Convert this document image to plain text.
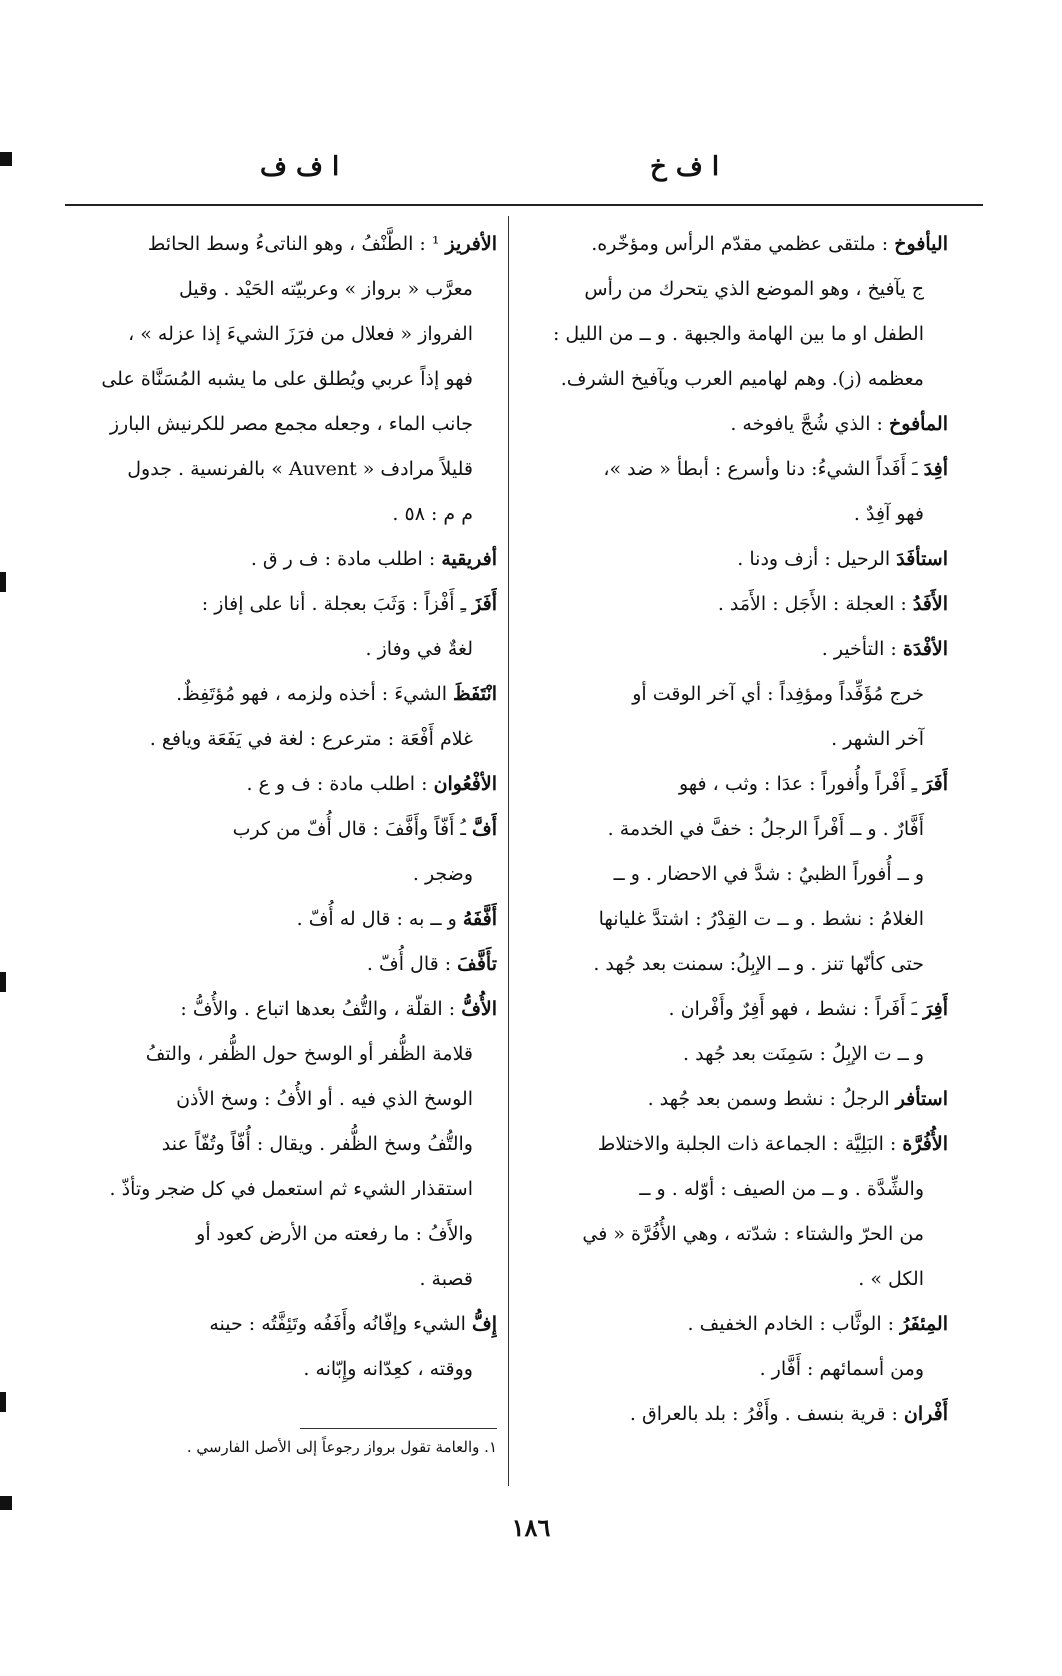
ا ف خ
ا ف ف
اليأفوخ : ملتقى عظمي مقدّم الرأس ومؤخّره.
ج يآفيخ ، وهو الموضع الذي يتحرك من رأس
الطفل او ما بين الهامة والجبهة . و ــ من الليل :
معظمه (ز). وهم لهاميم العرب ويآفيخ الشرف.
المأفوخ : الذي شُجَّ يافوخه .
أفِدَ ـَ أَفَداً الشيءُ: دنا وأسرع : أبطأ « ضد »،
فهو آفِدٌ .
استأفَدَ الرحيل : أزف ودنا .
الأَفَدُ : العجلة : الأَجَل : الأَمَد .
الأفْدَة : التأخير .
خرج مُؤَفِّداً ومؤفِداً : أي آخر الوقت أو
آخر الشهر .
أَفَرَ ـِ أَفْراً وأُفوراً : عدَا : وثب ، فهو
أَفَّارٌ . و ــ أَفْراً الرجلُ : خفَّ في الخدمة .
و ــ أُفوراً الظبيُ : شدَّ في الاحضار . و ــ
الغلامُ : نشط . و ــ ت القِدْرُ : اشتدَّ غليانها
حتى كأنّها تنز . و ــ الإبِلُ: سمنت بعد جُهد .
أَفِرَ ـَ أَفَراً : نشط ، فهو أَفِرٌ وأَفْران .
و ــ ت الإبِلُ : سَمِنَت بعد جُهد .
استأفر الرجلُ : نشط وسمن بعد جُهد .
الأُفُرَّة : البَلِيَّة : الجماعة ذات الجلبة والاختلاط
والشِّدَّة . و ــ من الصيف : أوّله . و ــ
من الحرّ والشتاء : شدّته ، وهي الأُفُرَّة « في
الكل » .
المِئفَرُ : الوثَّاب : الخادم الخفيف .
ومن أسمائهم : أَفَّار .
أَفْران : قرية بنسف . وأَفْرُ : بلد بالعراق .
الأفريز ¹ : الطَّنْفُ ، وهو الناتىءُ وسط الحائط
معرَّب « برواز » وعربيّته الحَيْد . وقيل
الفرواز « فعلال من فرَزَ الشيءَ إذا عزله » ،
فهو إذاً عربي ويُطلق على ما يشبه المُسَنَّاة على
جانب الماء ، وجعله مجمع مصر للكرنيش البارز
قليلاً مرادف « Auvent » بالفرنسية . جدول
م م : ٥٨ .
أفريقية : اطلب مادة : ف ر ق .
أَفَزَ ـِ أَفْزاً : وَثَبَ بعجلة . أنا على إفاز :
لغةٌ في وفاز .
انْتَفَظَ الشيءَ : أخذه ولزمه ، فهو مُؤتَفِظٌ.
غلام أَفْعَة : مترعرع : لغة في يَفَعَة ويافع .
الأفْعُوان : اطلب مادة : ف و ع .
أَفَّ ـُ أَفّاً وأَفَّفَ : قال أُفّ من كرب
وضجر .
أَفَّفَهُ و ــ به : قال له أُفّ .
تأَفَّفَ : قال أُفّ .
الأُفُّ : القلّة ، والتُّفُ بعدها اتباع . والأُفُّ :
قلامة الظُّفر أو الوسخ حول الظُّفر ، والتفُ
الوسخ الذي فيه . أو الأُفُ : وسخ الأذن
والتُّفُ وسخ الظُّفر . ويقال : أُفّاً وتُفّاً عند
استقذار الشيء ثم استعمل في كل ضجر وتأذّ .
والأَفُ : ما رفعته من الأرض كعود أو
قصبة .
إِفُّ الشيء وإفّانُه وأَفَفُه وتَئِفَّتُه : حينه
ووقته ، كعِدّانه وإِبّانه .
١. والعامة تقول برواز رجوعاً إلى الأصل الفارسي .
١٨٦
